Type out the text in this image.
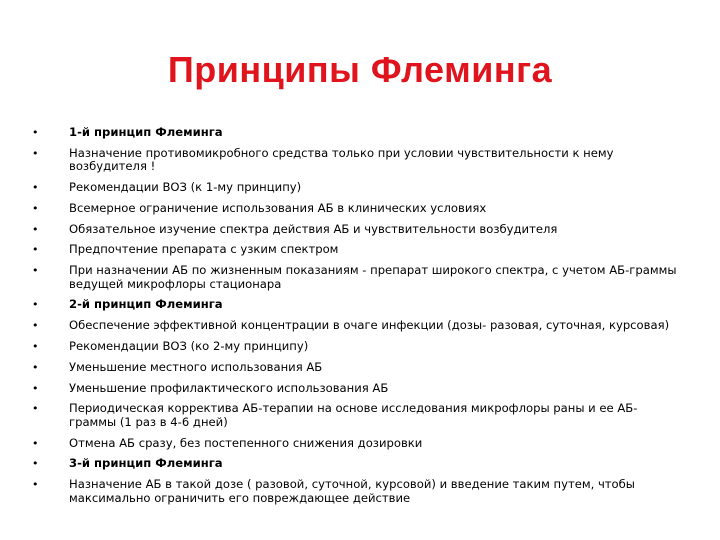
Принципы Флеминга
•	1-й принцип Флеминга
•	Назначение противомикробного средства только при условии чувствительности к нему возбудителя !
•	Рекомендации ВОЗ (к 1-му принципу)
•	Всемерное ограничение использования АБ в клинических условиях
•	Обязательное изучение спектра действия АБ и чувствительности возбудителя
•	Предпочтение препарата с узким спектром
•	При назначении АБ по жизненным показаниям - препарат широкого спектра, с учетом АБ-граммы ведущей микрофлоры стационара
•	2-й принцип Флеминга
•	Обеспечение эффективной концентрации в очаге инфекции (дозы- разовая, суточная, курсовая)
•	Рекомендации ВОЗ (ко 2-му принципу)
•	Уменьшение местного использования АБ
•	Уменьшение профилактического использования АБ
•	Периодическая корректива АБ-терапии на основе исследования микрофлоры раны и ее АБ-граммы (1 раз в 4-6 дней)
•	Отмена АБ сразу, без постепенного снижения дозировки
•	3-й принцип Флеминга
•	Назначение АБ в такой дозе ( разовой, суточной, курсовой) и введение таким путем, чтобы максимально ограничить его повреждающее действие
